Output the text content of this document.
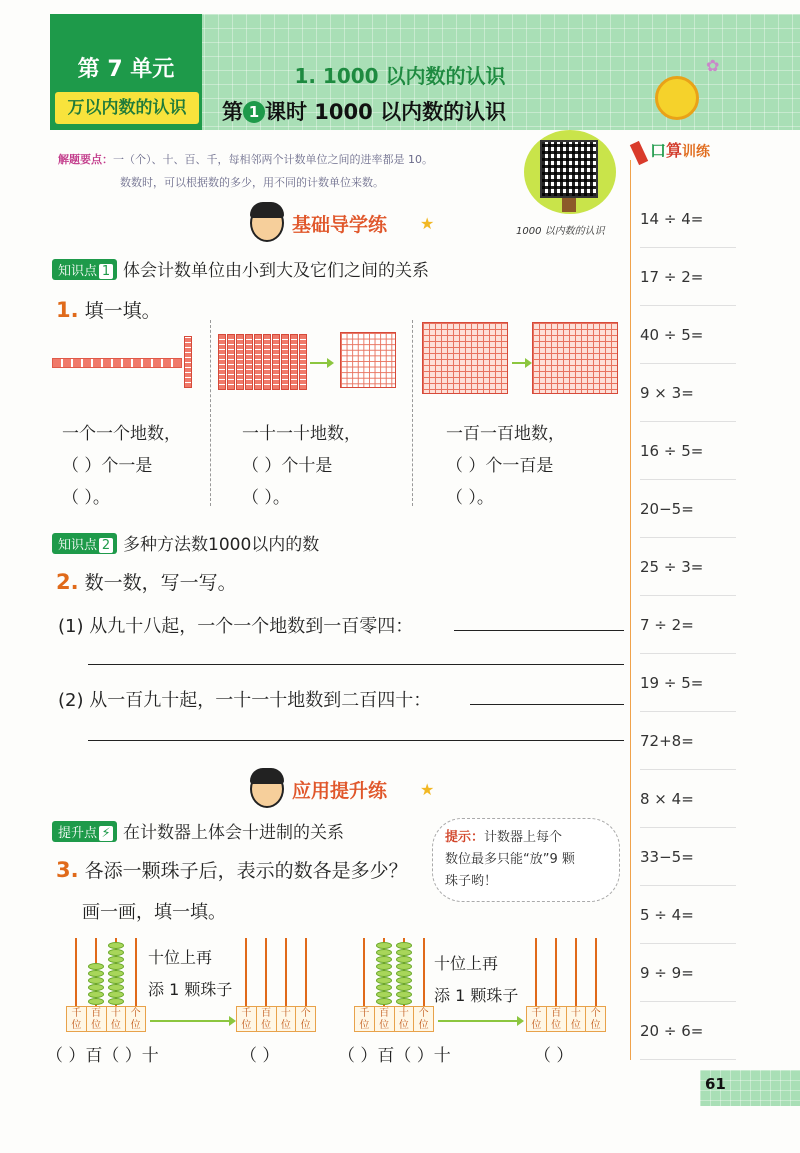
第 7 单元
万以内数的认识
1. 1000 以内数的认识
第 1 课时 1000 以内数的认识
✿
解题要点：一（个）、十、百、千，每相邻两个计数单位之间的进率都是 10。
数数时，可以根据数的多少，用不同的计数单位来数。
1000 以内数的认识
口算训练
14 ÷ 4=
17 ÷ 2=
40 ÷ 5=
9 × 3=
16 ÷ 5=
20−5=
25 ÷ 3=
7 ÷ 2=
19 ÷ 5=
72+8=
8 × 4=
33−5=
5 ÷ 4=
9 ÷ 9=
20 ÷ 6=
基础导学练 ★
知识点 1 体会计数单位由小到大及它们之间的关系
1. 填一填。
一个一个地数，
（ ）个一是
（ ）。
一十一十地数，
（ ）个十是
（ ）。
一百一百地数，
（ ）个一百是
（ ）。
知识点 2 多种方法数1000以内的数
2. 数一数，写一写。
(1) 从九十八起，一个一个地数到一百零四：
(2) 从一百九十起，一十一十地数到二百四十：
应用提升练 ★
提升点 ⚡ 在计数器上体会十进制的关系
3. 各添一颗珠子后，表示的数各是多少？
画一画，填一填。
提示：计数器上每个
数位最多只能“放”9 颗
珠子哟！
千
位
百
位
十
位
个
位
千
位
百
位
十
位
个
位
千
位
百
位
十
位
个
位
千
位
百
位
十
位
个
位
十位上再
添 1 颗珠子
十位上再
添 1 颗珠子
（ ）百（ ）十	（ ）	（ ）百（ ）十	（ ）
61
